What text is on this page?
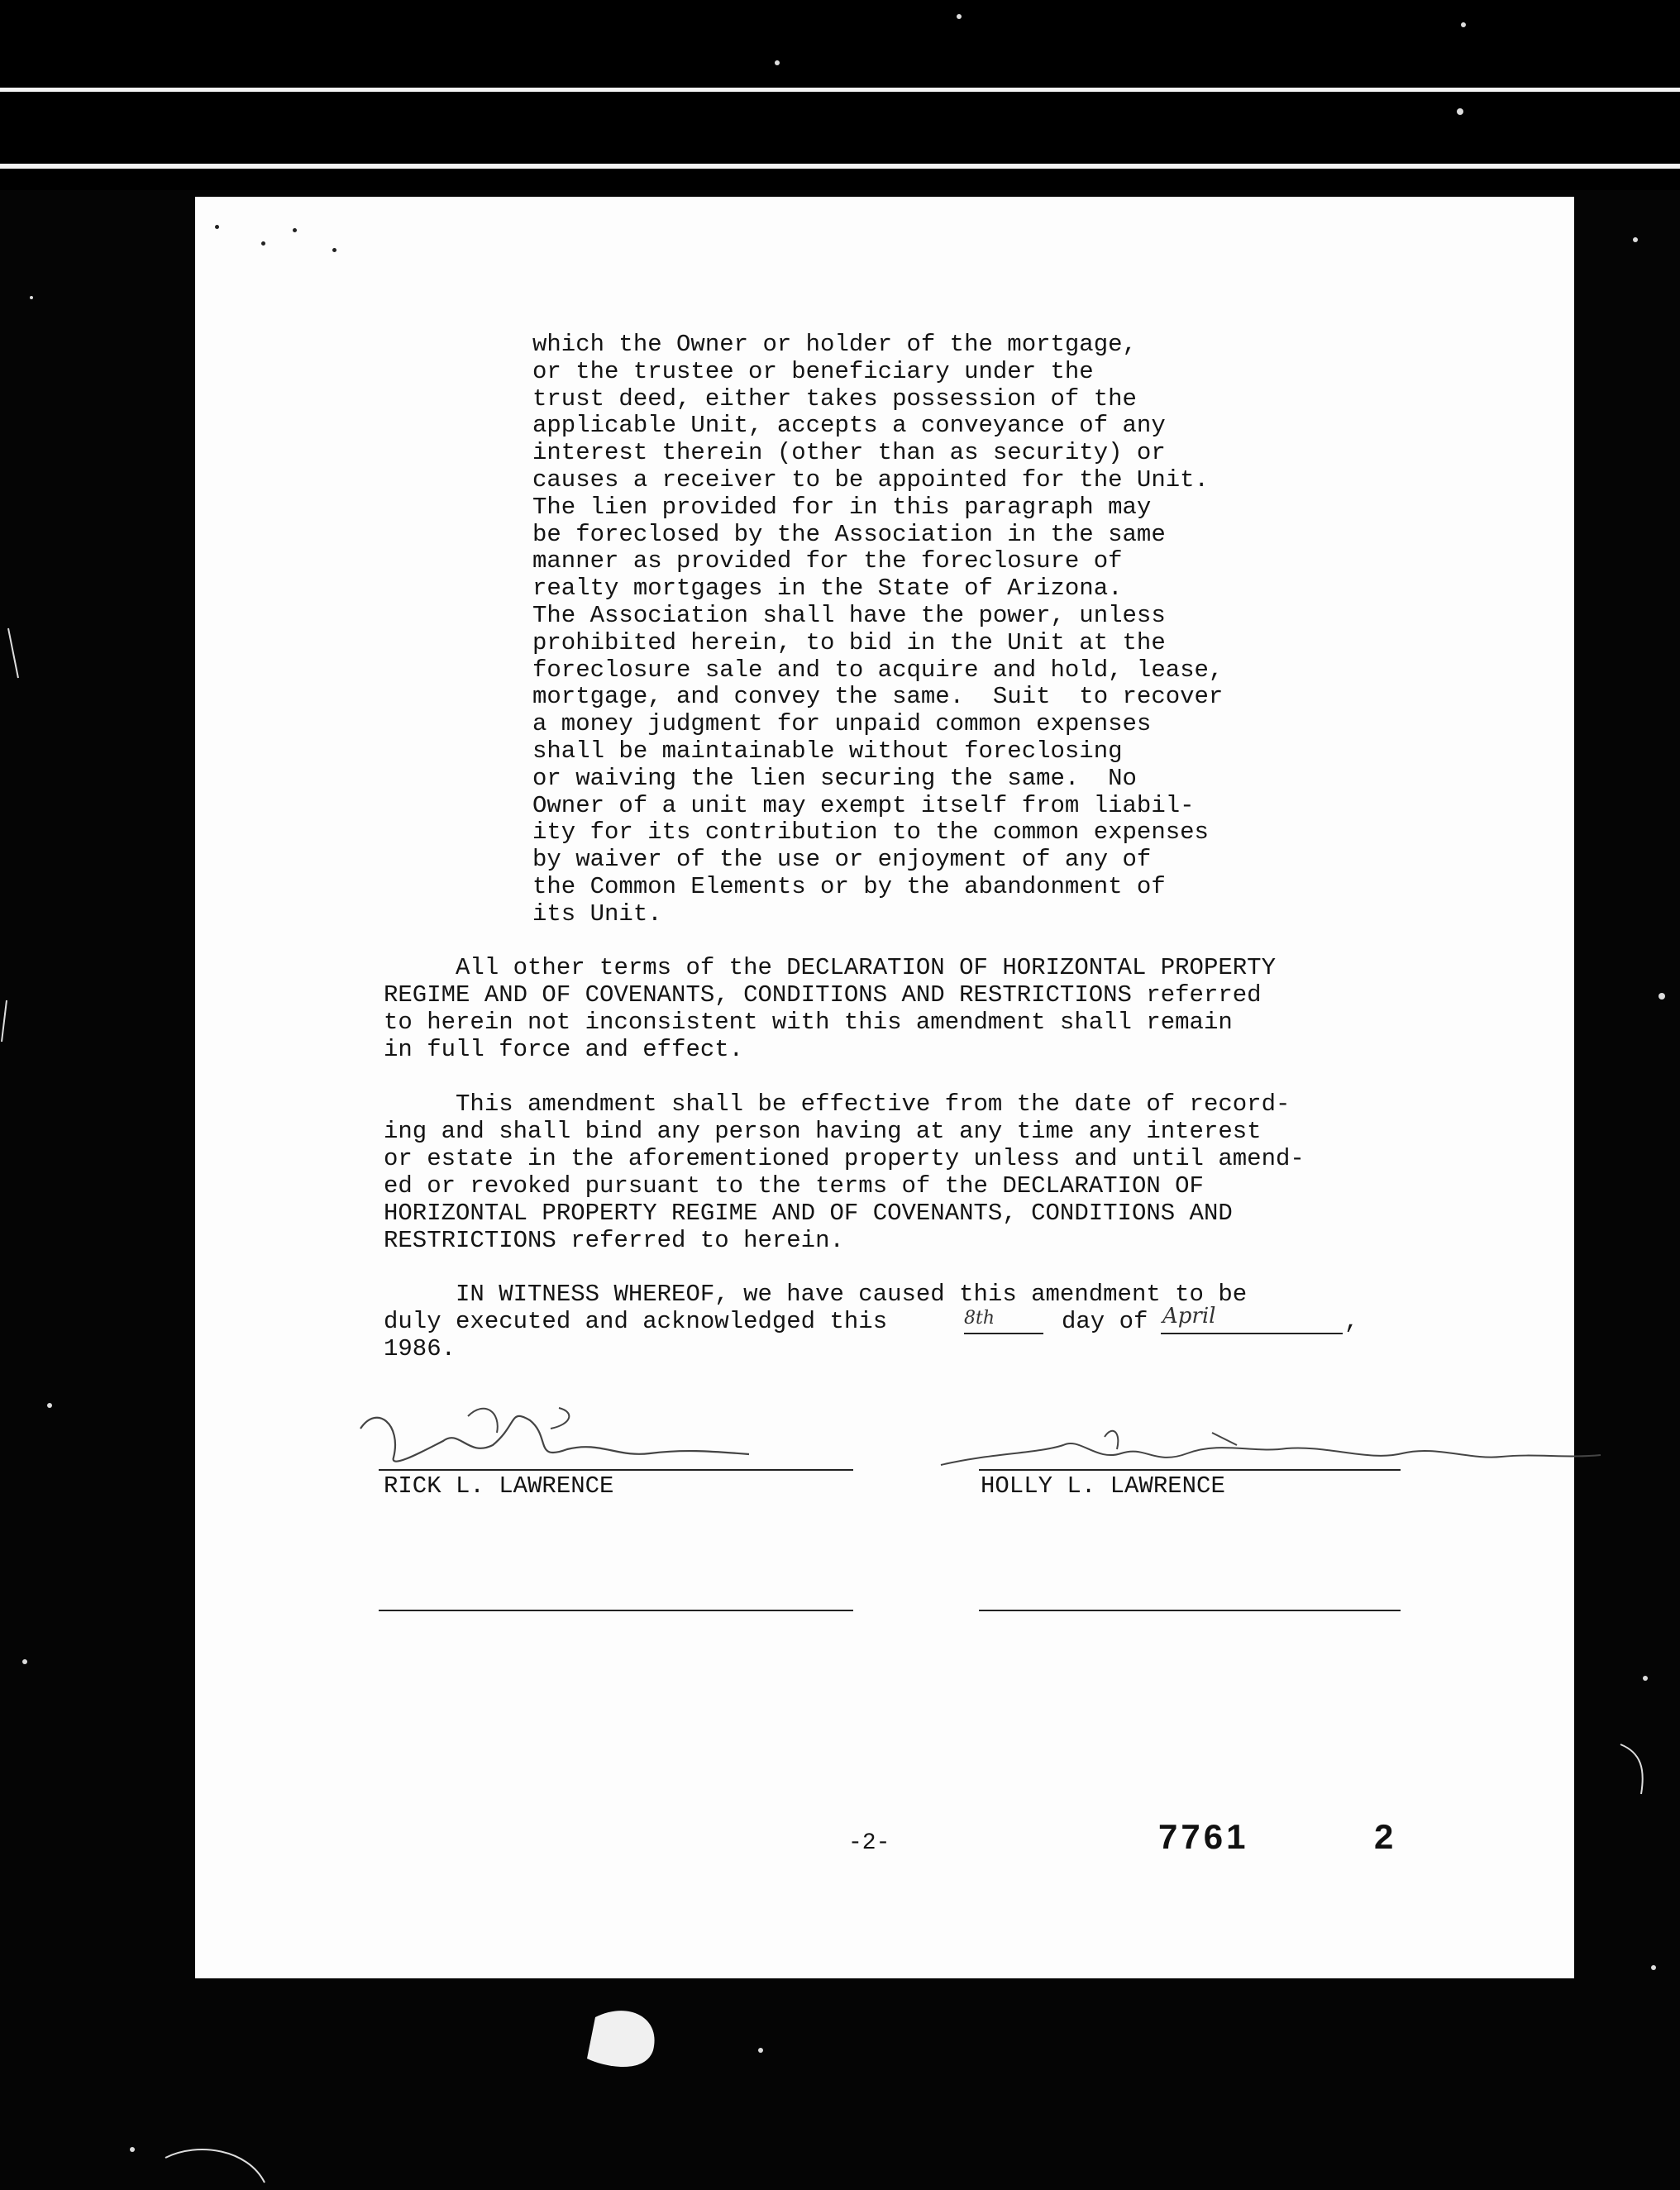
which the Owner or holder of the mortgage,
or the trustee or beneficiary under the
trust deed, either takes possession of the
applicable Unit, accepts a conveyance of any
interest therein (other than as security) or
causes a receiver to be appointed for the Unit.
The lien provided for in this paragraph may
be foreclosed by the Association in the same
manner as provided for the foreclosure of
realty mortgages in the State of Arizona.
The Association shall have the power, unless
prohibited herein, to bid in the Unit at the
foreclosure sale and to acquire and hold, lease,
mortgage, and convey the same.  Suit  to recover
a money judgment for unpaid common expenses
shall be maintainable without foreclosing
or waiving the lien securing the same.  No
Owner of a unit may exempt itself from liabil-
ity for its contribution to the common expenses
by waiver of the use or enjoyment of any of
the Common Elements or by the abandonment of
its Unit.
All other terms of the DECLARATION OF HORIZONTAL PROPERTY
REGIME AND OF COVENANTS, CONDITIONS AND RESTRICTIONS referred
to herein not inconsistent with this amendment shall remain
in full force and effect.
This amendment shall be effective from the date of record-
ing and shall bind any person having at any time any interest
or estate in the aforementioned property unless and until amend-
ed or revoked pursuant to the terms of the DECLARATION OF
HORIZONTAL PROPERTY REGIME AND OF COVENANTS, CONDITIONS AND
RESTRICTIONS referred to herein.
IN WITNESS WHEREOF, we have caused this amendment to be
duly executed and acknowledged this	8th	day of April	,
1986.
RICK L. LAWRENCE	HOLLY L. LAWRENCE
-2-	7761	2
